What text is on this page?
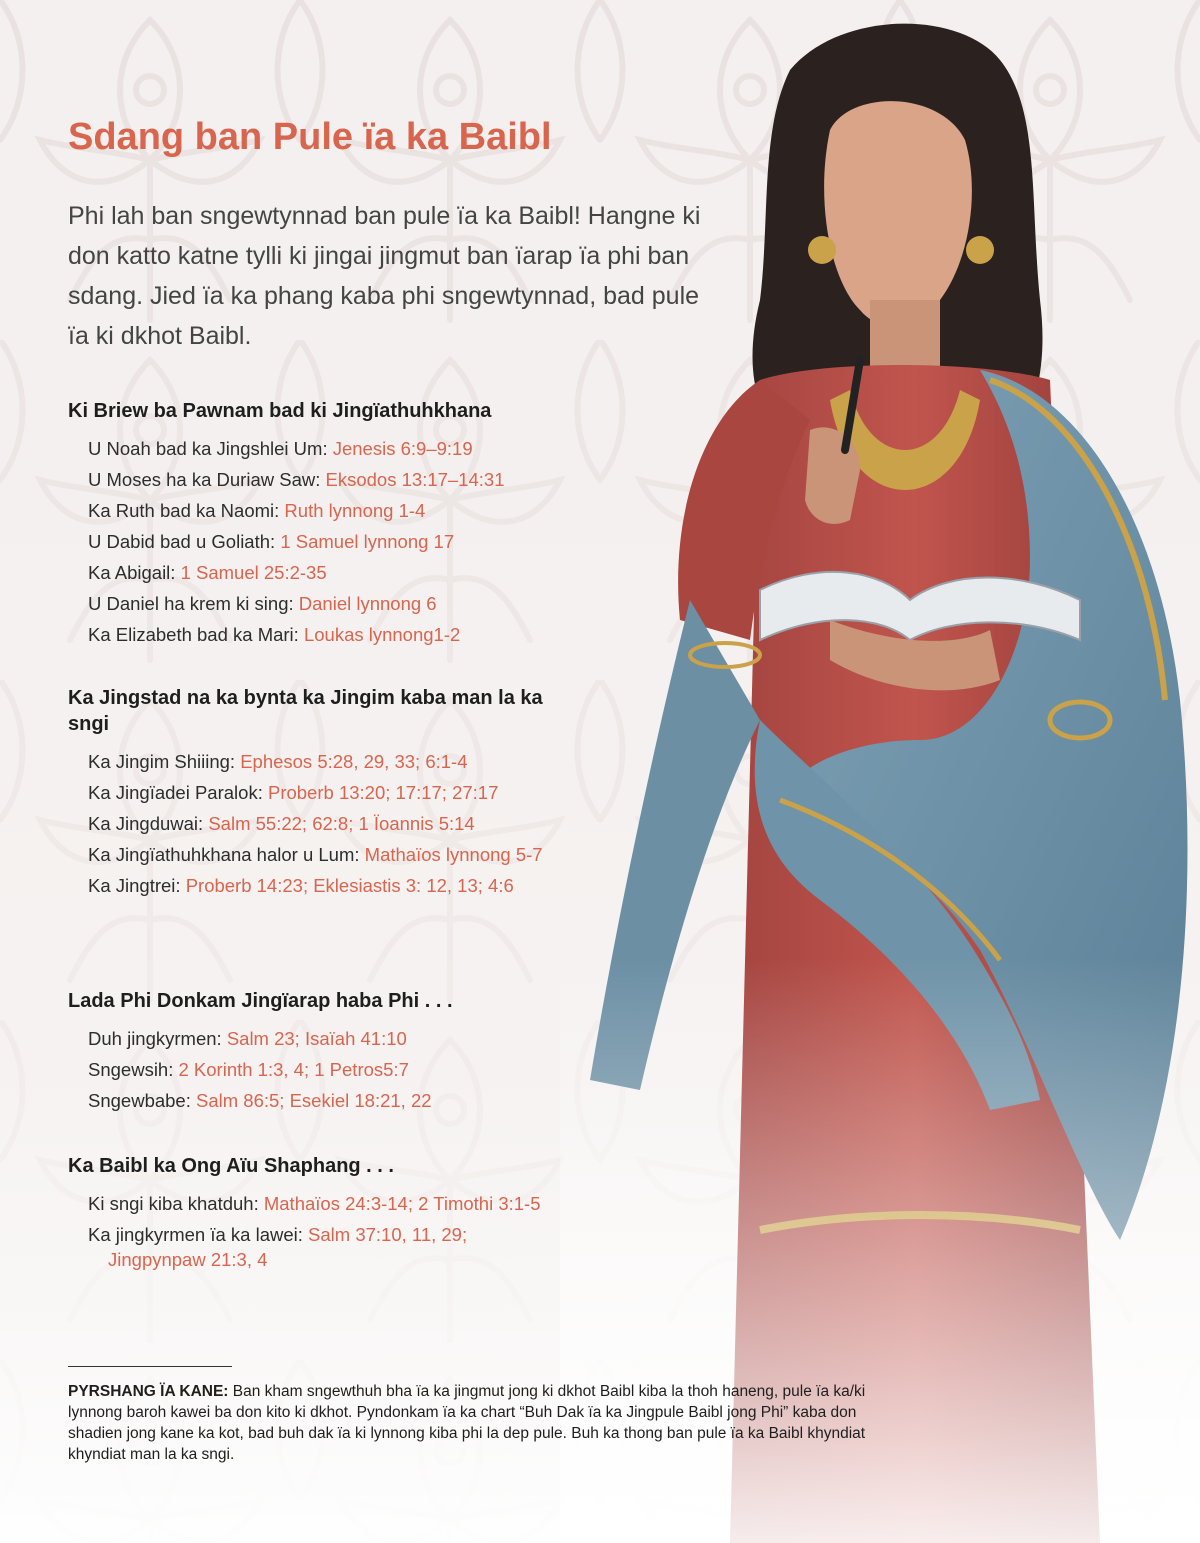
Sdang ban Pule ïa ka Baibl

Phi lah ban sngewtynnad ban pule ïa ka Baibl! Hangne ki don katto katne tylli ki jingai jingmut ban ïarap ïa phi ban sdang. Jied ïa ka phang kaba phi sngewtynnad, bad pule ïa ki dkhot Baibl.

Ki Briew ba Pawnam bad ki Jingïathuhkhana
U Noah bad ka Jingshlei Um: Jenesis 6:9–9:19
U Moses ha ka Duriaw Saw: Eksodos 13:17–14:31
Ka Ruth bad ka Naomi: Ruth lynnong 1-4
U Dabid bad u Goliath: 1 Samuel lynnong 17
Ka Abigail: 1 Samuel 25:2-35
U Daniel ha krem ki sing: Daniel lynnong 6
Ka Elizabeth bad ka Mari: Loukas lynnong1-2
Ka Jingstad na ka bynta ka Jingim kaba man la ka sngi
Ka Jingim Shiiing: Ephesos 5:28, 29, 33; 6:1-4
Ka Jingïadei Paralok: Proberb 13:20; 17:17; 27:17
Ka Jingduwai: Salm 55:22; 62:8; 1 Ïoannis 5:14
Ka Jingïathuhkhana halor u Lum: Mathaïos lynnong 5-7
Ka Jingtrei: Proberb 14:23; Eklesiastis 3: 12, 13; 4:6
Lada Phi Donkam Jingïarap haba Phi . . .
Duh jingkyrmen: Salm 23; Isaïah 41:10
Sngewsih: 2 Korinth 1:3, 4; 1 Petros5:7
Sngewbabe: Salm 86:5; Esekiel 18:21, 22
Ka Baibl ka Ong Aïu Shaphang . . .
Ki sngi kiba khatduh: Mathaïos 24:3-14; 2 Timothi 3:1-5
Ka jingkyrmen ïa ka lawei: Salm 37:10, 11, 29; Jingpynpaw 21:3, 4

PYRSHANG ÏA KANE: Ban kham sngewthuh bha ïa ka jingmut jong ki dkhot Baibl kiba la thoh haneng, pule ïa ka/ki lynnong baroh kawei ba don kito ki dkhot. Pyndonkam ïa ka chart “Buh Dak ïa ka Jingpule Baibl jong Phi” kaba don shadien jong kane ka kot, bad buh dak ïa ki lynnong kiba phi la dep pule. Buh ka thong ban pule ïa ka Baibl khyndiat khyndiat man la ka sngi.
